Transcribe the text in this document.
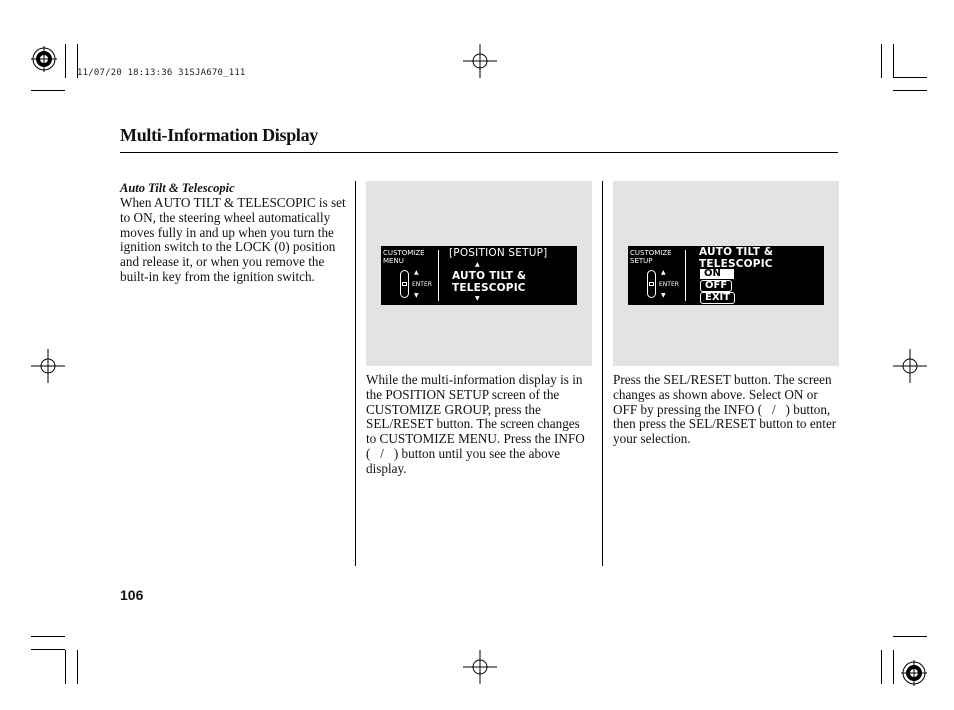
11/07/20 18:13:36 31SJA670_111
Multi-Information Display
Auto Tilt & Telescopic
When AUTO TILT & TELESCOPIC is set to ON, the steering wheel automatically moves fully in and up when you turn the ignition switch to the LOCK (0) position and release it, or when you remove the built-in key from the ignition switch.
CUSTOMIZE
MENU
▲
▼
ENTER
[POSITION SETUP]
▲
AUTO TILT &
TELESCOPIC
▼
CUSTOMIZE
SETUP
▲
▼
ENTER
AUTO TILT &
TELESCOPIC
ON
OFF
EXIT
While the multi-information display is in the POSITION SETUP screen of the CUSTOMIZE GROUP, press the SEL/RESET button. The screen changes to CUSTOMIZE MENU. Press the INFO (   /   ) button until you see the above display.
Press the SEL/RESET button. The screen changes as shown above. Select ON or OFF by pressing the INFO (   /   ) button, then press the SEL/RESET button to enter your selection.
106
